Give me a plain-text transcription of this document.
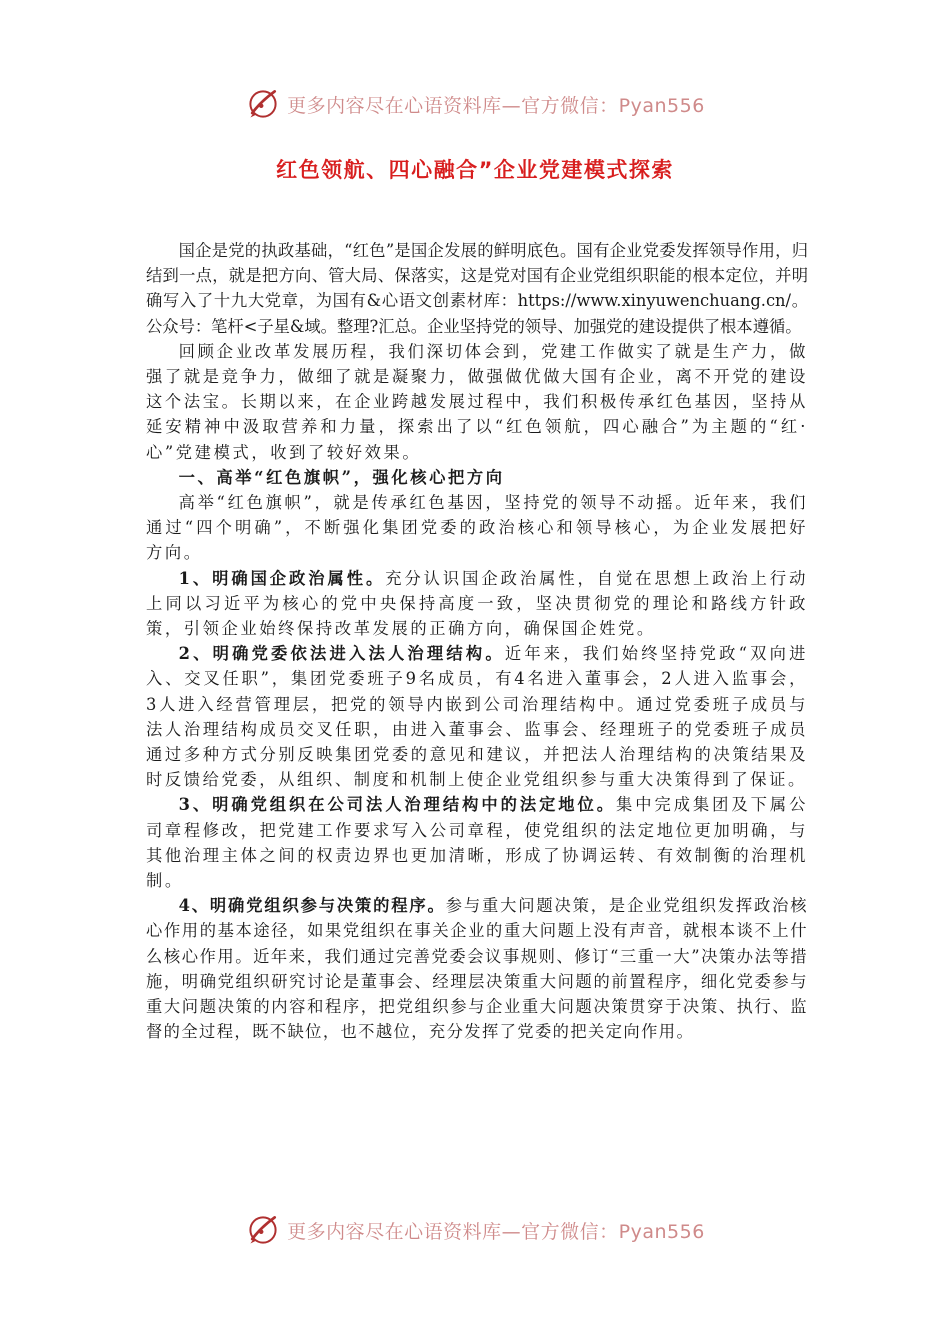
更多内容尽在心语资料库—官方微信：Pyan556
红色领航、四心融合”企业党建模式探索

国企是党的执政基础，“红色”是国企发展的鲜明底色。国有企业党委发挥领导作用，归结到一点，就是把方向、管大局、保落实，这是党对国有企业党组织职能的根本定位，并明确写入了十九大党章，为国有&心语文创素材库：https://www.xinyuwenchuang.cn/。公众号：笔杆<子星&域。整理?汇总。企业坚持党的领导、加强党的建设提供了根本遵循。

回顾企业改革发展历程，我们深切体会到，党建工作做实了就是生产力，做强了就是竞争力，做细了就是凝聚力，做强做优做大国有企业，离不开党的建设这个法宝。长期以来，在企业跨越发展过程中，我们积极传承红色基因，坚持从延安精神中汲取营养和力量，探索出了以“红色领航，四心融合”为主题的“红·心”党建模式，收到了较好效果。

一、高举“红色旗帜”，强化核心把方向

高举“红色旗帜”，就是传承红色基因，坚持党的领导不动摇。近年来，我们通过“四个明确”，不断强化集团党委的政治核心和领导核心，为企业发展把好方向。

1、明确国企政治属性。充分认识国企政治属性，自觉在思想上政治上行动上同以习近平为核心的党中央保持高度一致，坚决贯彻党的理论和路线方针政策，引领企业始终保持改革发展的正确方向，确保国企姓党。

2、明确党委依法进入法人治理结构。近年来，我们始终坚持党政“双向进入、交叉任职”，集团党委班子9名成员，有4名进入董事会，2人进入监事会，3人进入经营管理层，把党的领导内嵌到公司治理结构中。通过党委班子成员与法人治理结构成员交叉任职，由进入董事会、监事会、经理班子的党委班子成员通过多种方式分别反映集团党委的意见和建议，并把法人治理结构的决策结果及时反馈给党委，从组织、制度和机制上使企业党组织参与重大决策得到了保证。

3、明确党组织在公司法人治理结构中的法定地位。集中完成集团及下属公司章程修改，把党建工作要求写入公司章程，使党组织的法定地位更加明确，与其他治理主体之间的权责边界也更加清晰，形成了协调运转、有效制衡的治理机制。

4、明确党组织参与决策的程序。参与重大问题决策，是企业党组织发挥政治核心作用的基本途径，如果党组织在事关企业的重大问题上没有声音，就根本谈不上什么核心作用。近年来，我们通过完善党委会议事规则、修订“三重一大”决策办法等措施，明确党组织研究讨论是董事会、经理层决策重大问题的前置程序，细化党委参与重大问题决策的内容和程序，把党组织参与企业重大问题决策贯穿于决策、执行、监督的全过程，既不缺位，也不越位，充分发挥了党委的把关定向作用。

更多内容尽在心语资料库—官方微信：Pyan556
